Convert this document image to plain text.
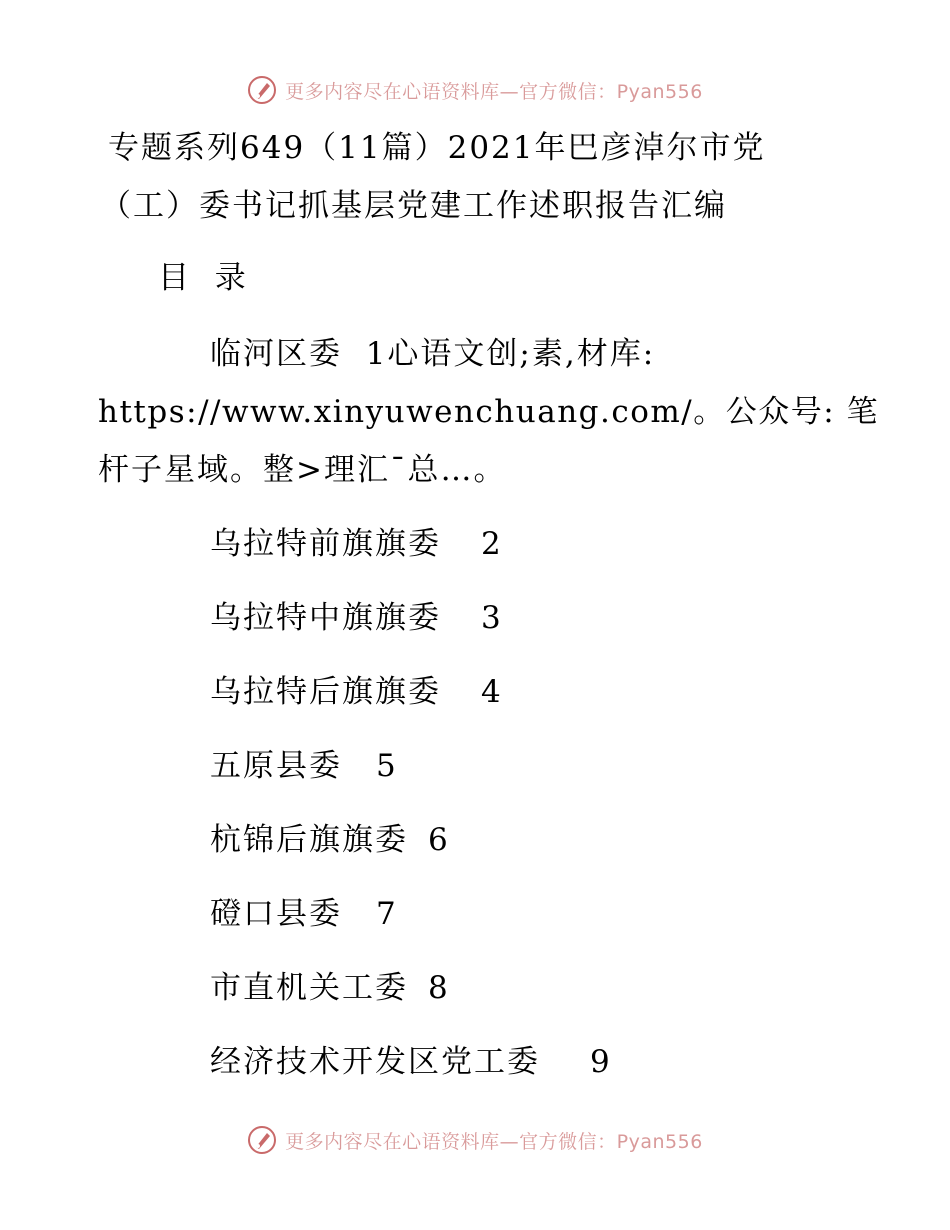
更多内容尽在心语资料库—官方微信：Pyan556
专题系列649（11篇）2021年巴彦淖尔市党
（工）委书记抓基层党建工作述职报告汇编
目  录
临河区委  1心语文创;素,材库:
https://www.xinyuwenchuang.com/。公众号: 笔
杆子星域。整>理汇¯总…。
乌拉特前旗旗委 2
乌拉特中旗旗委 3
乌拉特后旗旗委 4
五原县委 5
杭锦后旗旗委 6
磴口县委 7
市直机关工委 8
经济技术开发区党工委 9
更多内容尽在心语资料库—官方微信：Pyan556
